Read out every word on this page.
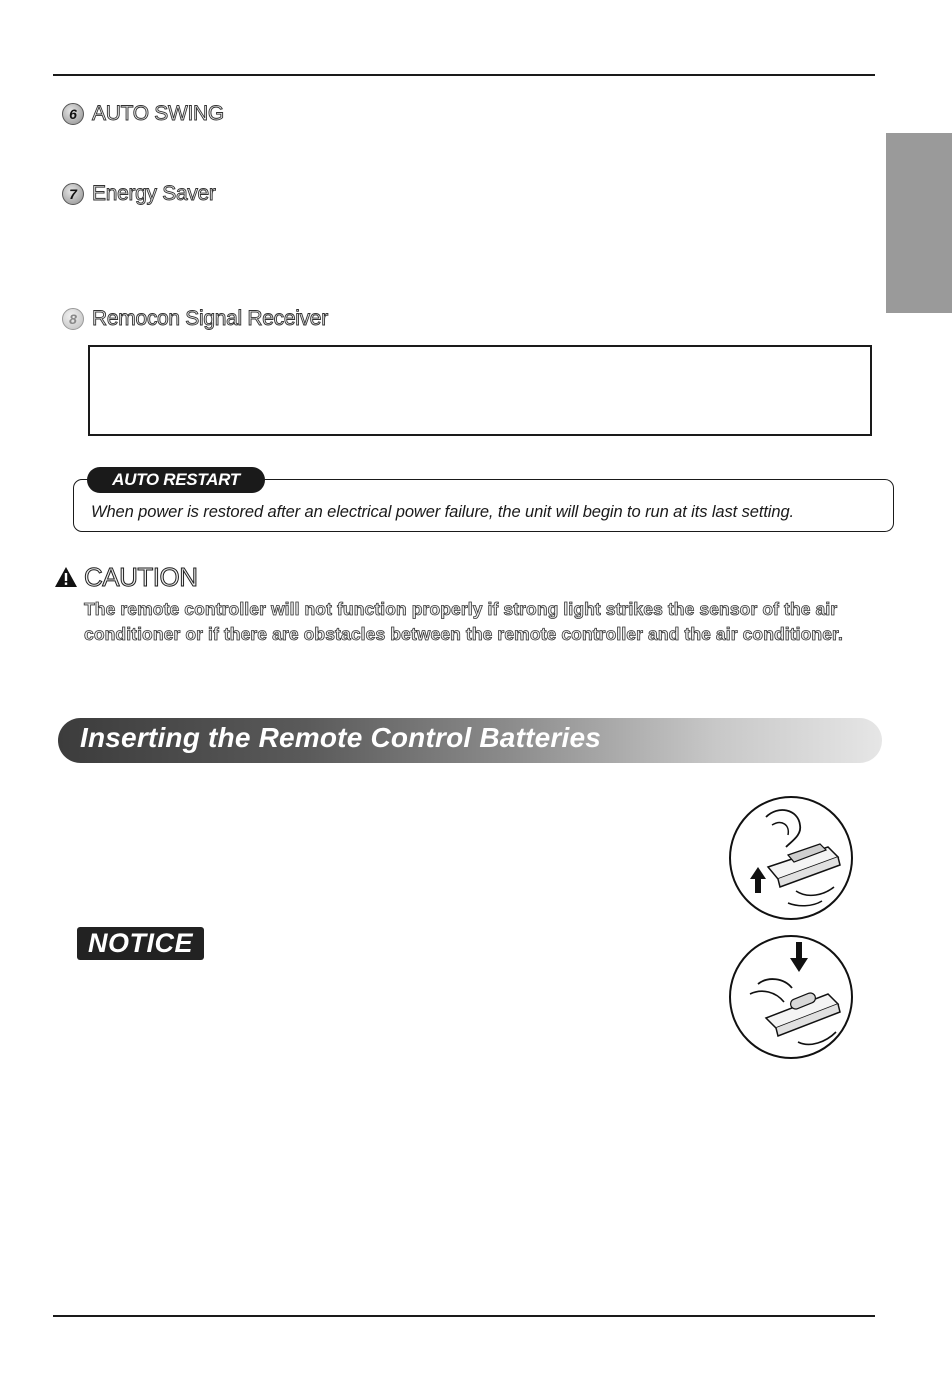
6 AUTO SWING
7 Energy Saver
8 Remocon Signal Receiver
AUTO RESTART
When power is restored after an electrical power failure, the unit will begin to run at its last setting.
CAUTION
The remote controller will not function properly if strong light strikes the sensor of the air
conditioner or if there are obstacles between the remote controller and the air conditioner.
Inserting the Remote Control Batteries
NOTICE
